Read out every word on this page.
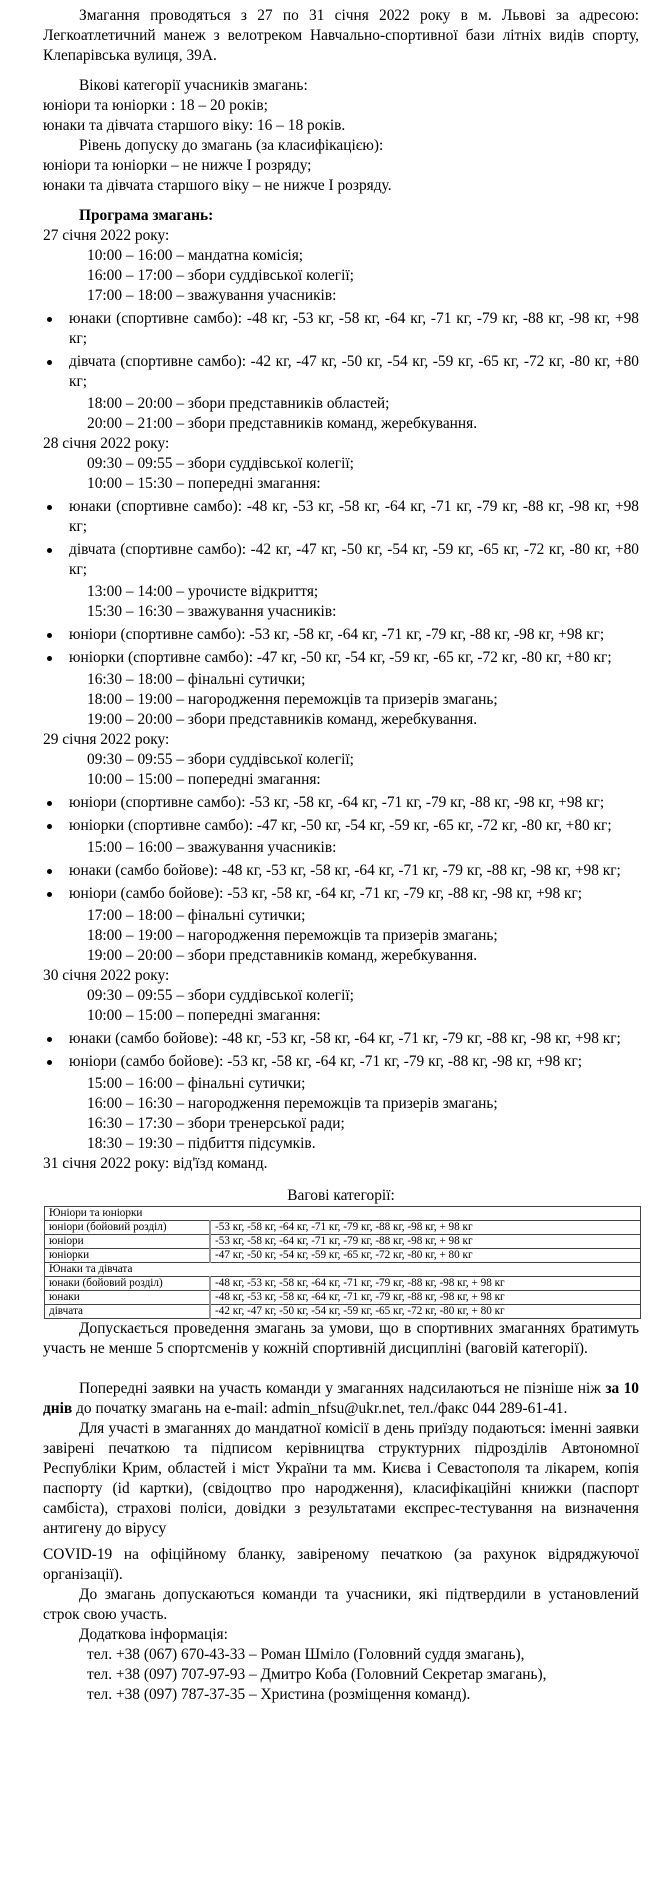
Змагання проводяться з 27 по 31 січня 2022 року в м. Львові за адресою: Легкоатлетичний манеж з велотреком Навчально-спортивної бази літніх видів спорту, Клепарівська вулиця, 39А.

Вікові категорії учасників змагань:

юніори та юніорки : 18 – 20 років;

юнаки та дівчата старшого віку: 16 – 18 років.

Рівень допуску до змагань (за класифікацією):

юніори та юніорки – не нижче І розряду;

юнаки та дівчата старшого віку – не нижче І розряду.

Програма змагань:

27 січня 2022 року:

10:00 – 16:00 – мандатна комісія;

16:00 – 17:00 – збори суддівської колегії;

17:00 – 18:00 – зважування учасників:

юнаки (спортивне самбо): -48 кг, -53 кг, -58 кг, -64 кг, -71 кг, -79 кг, -88 кг, -98 кг, +98 кг;
дівчата (спортивне самбо): -42 кг, -47 кг, -50 кг, -54 кг, -59 кг, -65 кг, -72 кг, -80 кг, +80 кг;

18:00 – 20:00 – збори представників областей;

20:00 – 21:00 – збори представників команд, жеребкування.

28 січня 2022 року:

09:30 – 09:55 – збори суддівської колегії;

10:00 – 15:30 – попередні змагання:

юнаки (спортивне самбо): -48 кг, -53 кг, -58 кг, -64 кг, -71 кг, -79 кг, -88 кг, -98 кг, +98 кг;
дівчата (спортивне самбо): -42 кг, -47 кг, -50 кг, -54 кг, -59 кг, -65 кг, -72 кг, -80 кг, +80 кг;

13:00 – 14:00 – урочисте відкриття;

15:30 – 16:30 – зважування учасників:

юніори (спортивне самбо): -53 кг, -58 кг, -64 кг, -71 кг, -79 кг, -88 кг, -98 кг, +98 кг;
юніорки (спортивне самбо): -47 кг, -50 кг, -54 кг, -59 кг, -65 кг, -72 кг, -80 кг, +80 кг;

16:30 – 18:00 – фінальні сутички;

18:00 – 19:00 – нагородження переможців та призерів змагань;

19:00 – 20:00 – збори представників команд, жеребкування.

29 січня 2022 року:

09:30 – 09:55 – збори суддівської колегії;

10:00 – 15:00 – попередні змагання:

юніори (спортивне самбо): -53 кг, -58 кг, -64 кг, -71 кг, -79 кг, -88 кг, -98 кг, +98 кг;
юніорки (спортивне самбо): -47 кг, -50 кг, -54 кг, -59 кг, -65 кг, -72 кг, -80 кг, +80 кг;

15:00 – 16:00 – зважування учасників:

юнаки (самбо бойове): -48 кг, -53 кг, -58 кг, -64 кг, -71 кг, -79 кг, -88 кг, -98 кг, +98 кг;
юніори (самбо бойове): -53 кг, -58 кг, -64 кг, -71 кг, -79 кг, -88 кг, -98 кг, +98 кг;

17:00 – 18:00 – фінальні сутички;

18:00 – 19:00 – нагородження переможців та призерів змагань;

19:00 – 20:00 – збори представників команд, жеребкування.

30 січня 2022 року:

09:30 – 09:55 – збори суддівської колегії;

10:00 – 15:00 – попередні змагання:

юнаки (самбо бойове): -48 кг, -53 кг, -58 кг, -64 кг, -71 кг, -79 кг, -88 кг, -98 кг, +98 кг;
юніори (самбо бойове): -53 кг, -58 кг, -64 кг, -71 кг, -79 кг, -88 кг, -98 кг, +98 кг;

15:00 – 16:00 – фінальні сутички;

16:00 – 16:30 – нагородження переможців та призерів змагань;

16:30 – 17:30 – збори тренерської ради;

18:30 – 19:30 – підбиття підсумків.

31 січня 2022 року: від'їзд команд.

Вагові категорії:

Юніори та юніорки	
юніори (бойовий розділ)	-53 кг, -58 кг, -64 кг, -71 кг, -79 кг, -88 кг, -98 кг, + 98 кг
юніори	-53 кг, -58 кг, -64 кг, -71 кг, -79 кг, -88 кг, -98 кг, + 98 кг
юніорки	-47 кг, -50 кг, -54 кг, -59 кг, -65 кг, -72 кг, -80 кг, + 80 кг
Юнаки та дівчата	
юнаки (бойовий розділ)	-48 кг, -53 кг, -58 кг, -64 кг, -71 кг, -79 кг, -88 кг, -98 кг, + 98 кг
юнаки	-48 кг, -53 кг, -58 кг, -64 кг, -71 кг, -79 кг, -88 кг, -98 кг, + 98 кг
дівчата	-42 кг, -47 кг, -50 кг, -54 кг, -59 кг, -65 кг, -72 кг, -80 кг, + 80 кг

Допускається проведення змагань за умови, що в спортивних змаганнях братимуть участь не менше 5 спортсменів у кожній спортивній дисципліні (ваговій категорії).

Попередні заявки на участь команди у змаганнях надсилаються не пізніше ніж за 10 днів до початку змагань на e-mail: admin_nfsu@ukr.net, тел./факс 044 289-61-41.

Для участі в змаганнях до мандатної комісії в день приїзду подаються: іменні заявки завірені печаткою та підписом керівництва структурних підрозділів Автономної Республіки Крим, областей і міст України та мм. Києва і Севастополя та лікарем, копія паспорту (id картки), (свідоцтво про народження), класифікаційні книжки (паспорт самбіста), страхові поліси, довідки з результатами експрес-тестування на визначення антигену до вірусу

COVID-19 на офіційному бланку, завіреному печаткою (за рахунок відряджуючої організації).

До змагань допускаються команди та учасники, які підтвердили в установлений строк свою участь.

Додаткова інформація:

тел. +38 (067) 670-43-33 – Роман Шміло (Головний суддя змагань),

тел. +38 (097) 707-97-93 – Дмитро Коба (Головний Секретар змагань),

тел. +38 (097) 787-37-35 – Христина (розміщення команд).
